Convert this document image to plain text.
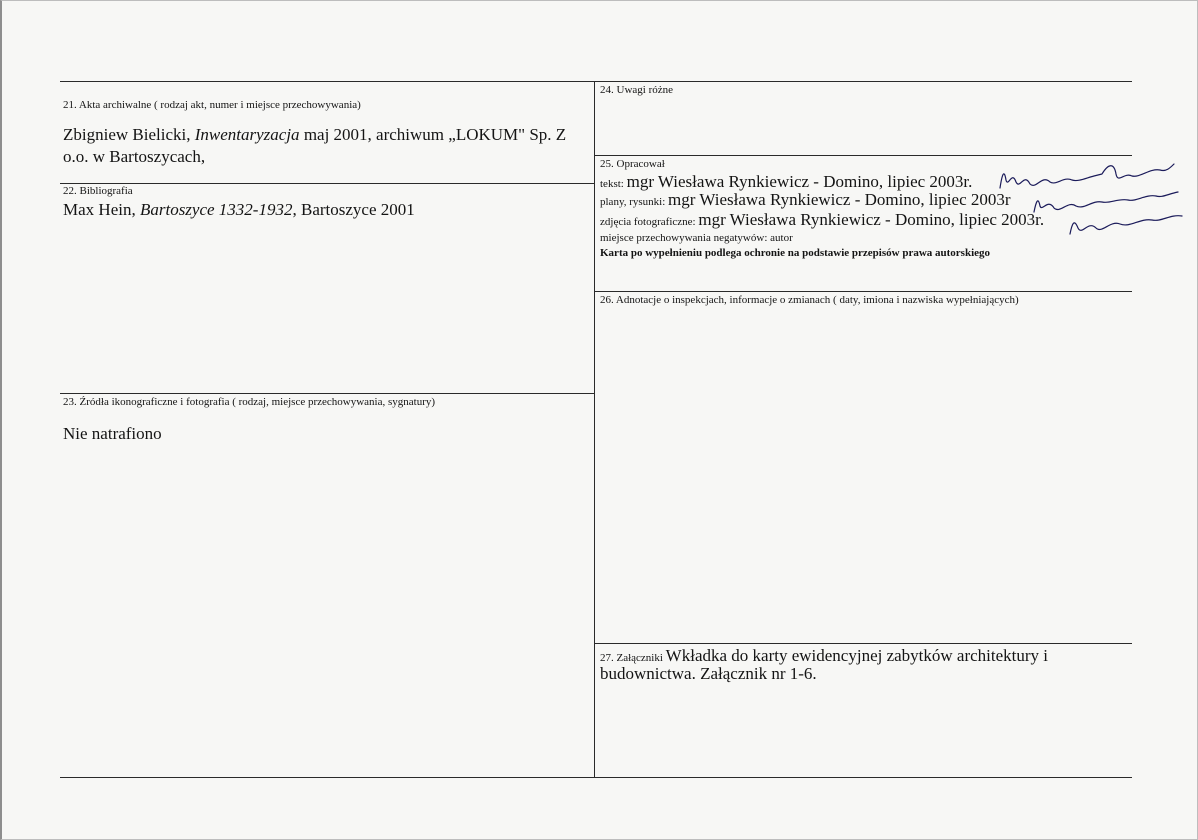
21. Akta archiwalne ( rodzaj akt, numer i miejsce przechowywania)
Zbigniew Bielicki, Inwentaryzacja maj 2001, archiwum „LOKUM" Sp. Z
o.o. w Bartoszycach,
22. Bibliografia
Max Hein, Bartoszyce 1332-1932, Bartoszyce 2001
23. Źródła ikonograficzne i fotografia ( rodzaj, miejsce przechowywania, sygnatury)
Nie natrafiono
24. Uwagi różne
25. Opracował
tekst: mgr Wiesława Rynkiewicz - Domino, lipiec 2003r.
plany, rysunki: mgr Wiesława Rynkiewicz - Domino, lipiec 2003r
zdjęcia fotograficzne: mgr Wiesława Rynkiewicz - Domino, lipiec 2003r.
miejsce przechowywania negatywów: autor
Karta po wypełnieniu podlega ochronie na podstawie przepisów prawa autorskiego
26. Adnotacje o inspekcjach, informacje o zmianach ( daty, imiona i nazwiska wypełniających)
27. Załączniki Wkładka do karty ewidencyjnej zabytków architektury i
budownictwa. Załącznik nr 1-6.
